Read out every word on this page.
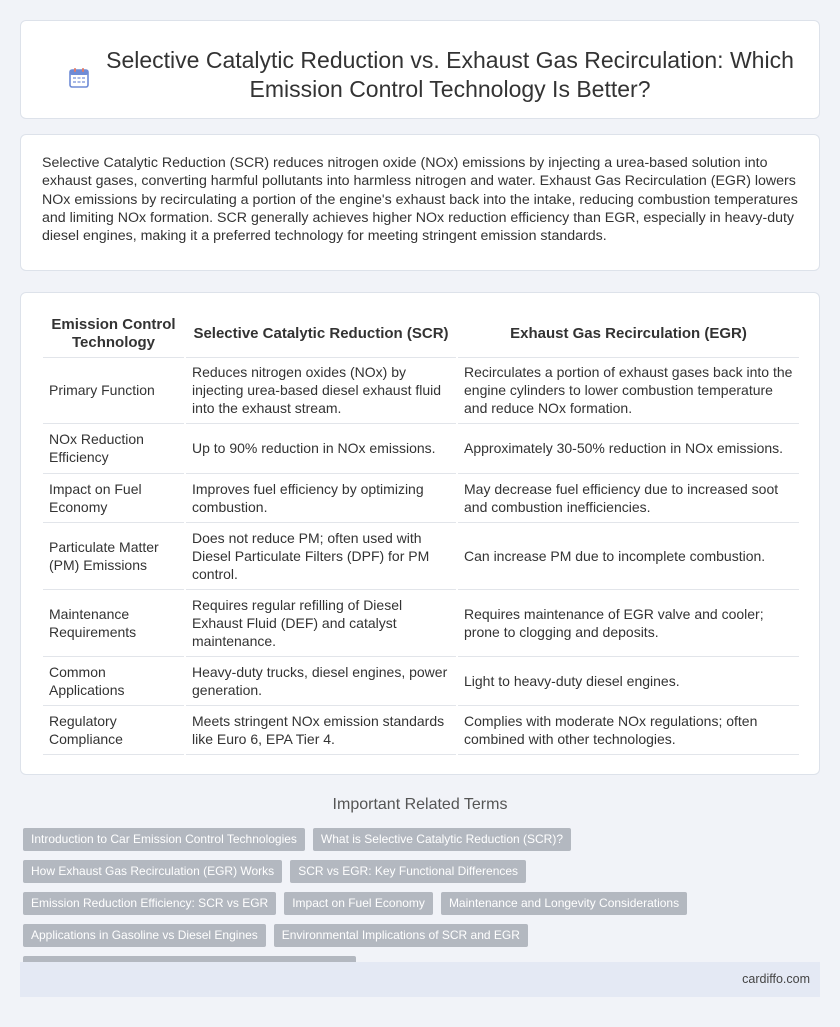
Selective Catalytic Reduction vs. Exhaust Gas Recirculation: Which Emission Control Technology Is Better?

Selective Catalytic Reduction (SCR) reduces nitrogen oxide (NOx) emissions by injecting a urea-based solution into exhaust gases, converting harmful pollutants into harmless nitrogen and water. Exhaust Gas Recirculation (EGR) lowers NOx emissions by recirculating a portion of the engine's exhaust back into the intake, reducing combustion temperatures and limiting NOx formation. SCR generally achieves higher NOx reduction efficiency than EGR, especially in heavy-duty diesel engines, making it a preferred technology for meeting stringent emission standards.

Emission Control Technology	Selective Catalytic Reduction (SCR)	Exhaust Gas Recirculation (EGR)
Primary Function	Reduces nitrogen oxides (NOx) by injecting urea-based diesel exhaust fluid into the exhaust stream.	Recirculates a portion of exhaust gases back into the engine cylinders to lower combustion temperature and reduce NOx formation.
NOx Reduction Efficiency	Up to 90% reduction in NOx emissions.	Approximately 30-50% reduction in NOx emissions.
Impact on Fuel Economy	Improves fuel efficiency by optimizing combustion.	May decrease fuel efficiency due to increased soot and combustion inefficiencies.
Particulate Matter (PM) Emissions	Does not reduce PM; often used with Diesel Particulate Filters (DPF) for PM control.	Can increase PM due to incomplete combustion.
Maintenance Requirements	Requires regular refilling of Diesel Exhaust Fluid (DEF) and catalyst maintenance.	Requires maintenance of EGR valve and cooler; prone to clogging and deposits.
Common Applications	Heavy-duty trucks, diesel engines, power generation.	Light to heavy-duty diesel engines.
Regulatory Compliance	Meets stringent NOx emission standards like Euro 6, EPA Tier 4.	Complies with moderate NOx regulations; often combined with other technologies.
Important Related Terms
Introduction to Car Emission Control Technologies	What is Selective Catalytic Reduction (SCR)?
How Exhaust Gas Recirculation (EGR) Works	SCR vs EGR: Key Functional Differences
Emission Reduction Efficiency: SCR vs EGR	Impact on Fuel Economy	Maintenance and Longevity Considerations
Applications in Gasoline vs Diesel Engines	Environmental Implications of SCR and EGR
cardiffo.com
